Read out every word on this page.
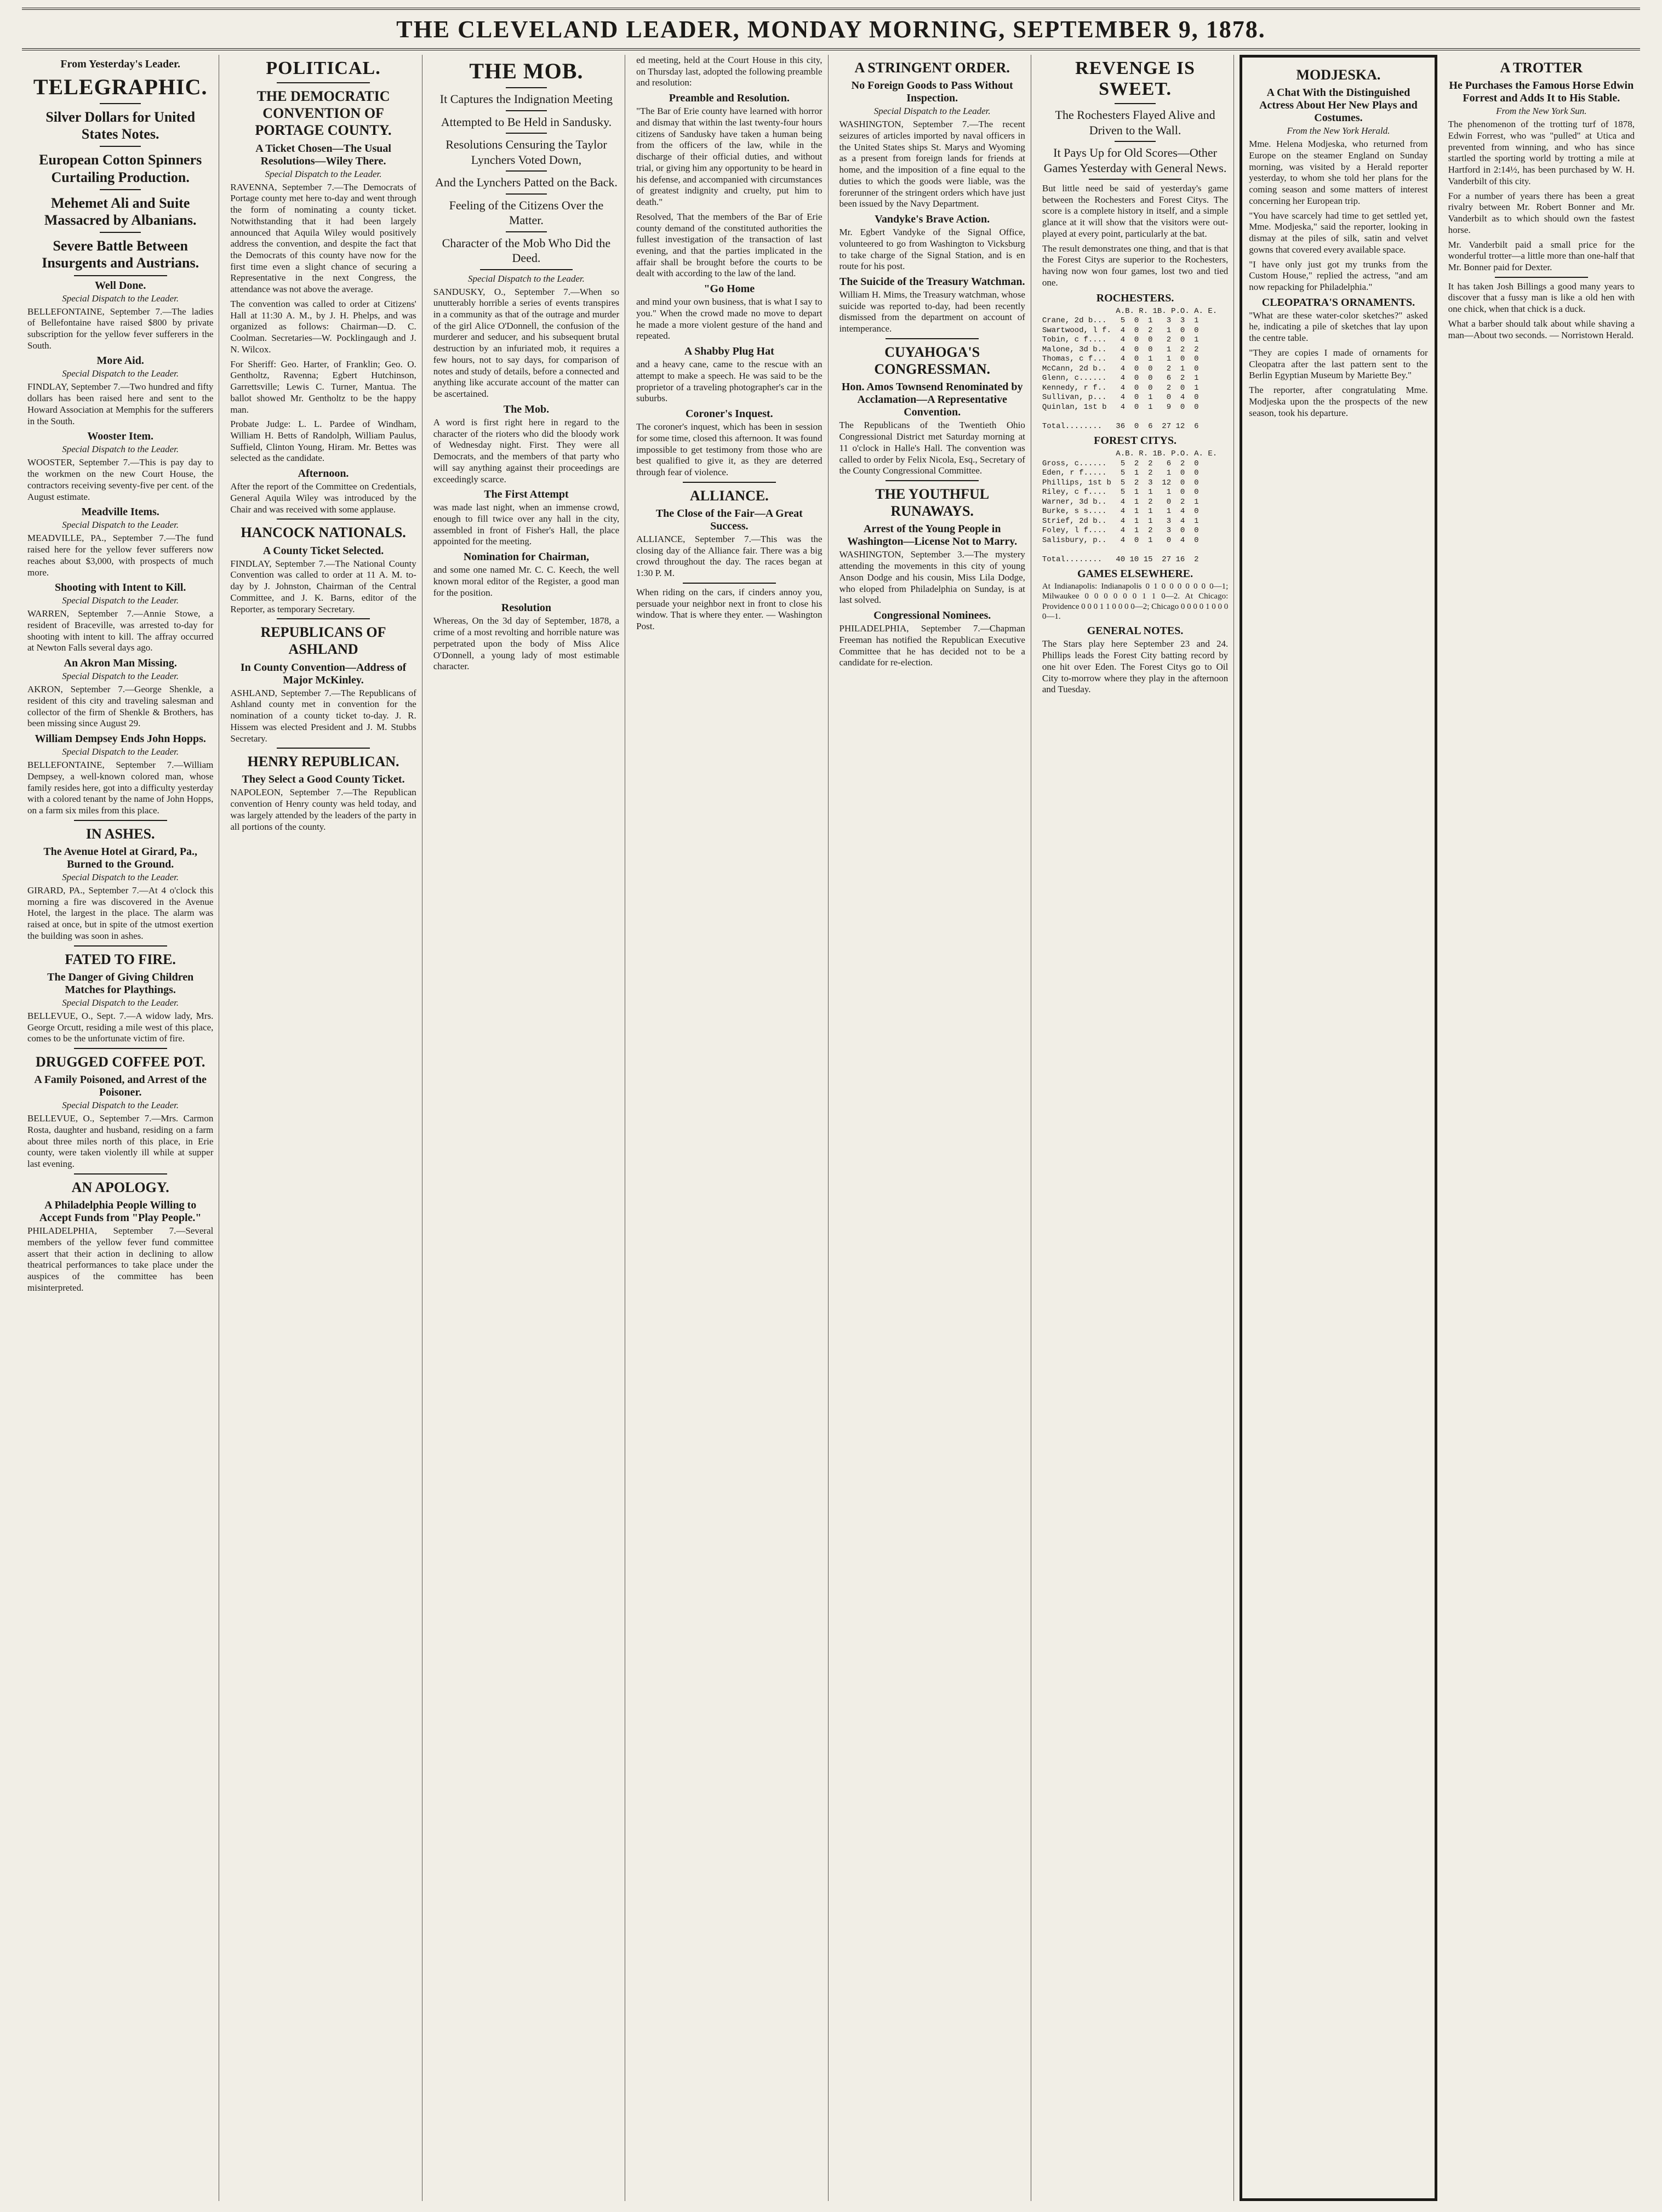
THE CLEVELAND LEADER, MONDAY MORNING, SEPTEMBER 9, 1878.
From Yesterday's Leader.
TELEGRAPHIC.
Silver Dollars for United States Notes.
European Cotton Spinners Curtailing Production.
Mehemet Ali and Suite Massacred by Albanians.
Severe Battle Between Insurgents and Austrians.
Well Done.
Special Dispatch to the Leader.

BELLEFONTAINE, September 7.—The ladies of Bellefontaine have raised $800 by private subscription for the yellow fever sufferers in the South.

More Aid.
Special Dispatch to the Leader.

FINDLAY, September 7.—Two hundred and fifty dollars has been raised here and sent to the Howard Association at Memphis for the sufferers in the South.

Wooster Item.
Special Dispatch to the Leader.

WOOSTER, September 7.—This is pay day to the workmen on the new Court House, the contractors receiving seventy-five per cent. of the August estimate.

Meadville Items.
Special Dispatch to the Leader.

MEADVILLE, PA., September 7.—The fund raised here for the yellow fever sufferers now reaches about $3,000, with prospects of much more.

Shooting with Intent to Kill.
Special Dispatch to the Leader.

WARREN, September 7.—Annie Stowe, a resident of Braceville, was arrested to-day for shooting with intent to kill. The affray occurred at Newton Falls several days ago.

An Akron Man Missing.
Special Dispatch to the Leader.

AKRON, September 7.—George Shenkle, a resident of this city and traveling salesman and collector of the firm of Shenkle & Brothers, has been missing since August 29.

William Dempsey Ends John Hopps.
Special Dispatch to the Leader.

BELLEFONTAINE, September 7.—William Dempsey, a well-known colored man, whose family resides here, got into a difficulty yesterday with a colored tenant by the name of John Hopps, on a farm six miles from this place.

IN ASHES.
The Avenue Hotel at Girard, Pa., Burned to the Ground.
Special Dispatch to the Leader.

GIRARD, PA., September 7.—At 4 o'clock this morning a fire was discovered in the Avenue Hotel, the largest in the place. The alarm was raised at once, but in spite of the utmost exertion the building was soon in ashes.

FATED TO FIRE.
The Danger of Giving Children Matches for Playthings.
Special Dispatch to the Leader.

BELLEVUE, O., Sept. 7.—A widow lady, Mrs. George Orcutt, residing a mile west of this place, comes to be the unfortunate victim of fire.

DRUGGED COFFEE POT.
A Family Poisoned, and Arrest of the Poisoner.
Special Dispatch to the Leader.

BELLEVUE, O., September 7.—Mrs. Carmon Rosta, daughter and husband, residing on a farm about three miles north of this place, in Erie county, were taken violently ill while at supper last evening.

AN APOLOGY.
A Philadelphia People Willing to Accept Funds from "Play People."

PHILADELPHIA, September 7.—Several members of the yellow fever fund committee assert that their action in declining to allow theatrical performances to take place under the auspices of the committee has been misinterpreted.

POLITICAL.
THE DEMOCRATIC CONVENTION OF PORTAGE COUNTY.
A Ticket Chosen—The Usual Resolutions—Wiley There.
Special Dispatch to the Leader.

RAVENNA, September 7.—The Democrats of Portage county met here to-day and went through the form of nominating a county ticket. Notwithstanding that it had been largely announced that Aquila Wiley would positively address the convention, and despite the fact that the Democrats of this county have now for the first time even a slight chance of securing a Representative in the next Congress, the attendance was not above the average.

The convention was called to order at Citizens' Hall at 11:30 A. M., by J. H. Phelps, and was organized as follows: Chairman—D. C. Coolman. Secretaries—W. Pocklingaugh and J. N. Wilcox.

For Sheriff: Geo. Harter, of Franklin; Geo. O. Gentholtz, Ravenna; Egbert Hutchinson, Garrettsville; Lewis C. Turner, Mantua. The ballot showed Mr. Gentholtz to be the happy man.

Probate Judge: L. L. Pardee of Windham, William H. Betts of Randolph, William Paulus, Suffield, Clinton Young, Hiram. Mr. Bettes was selected as the candidate.

Afternoon.

After the report of the Committee on Credentials, General Aquila Wiley was introduced by the Chair and was received with some applause.

HANCOCK NATIONALS.
A County Ticket Selected.

FINDLAY, September 7.—The National County Convention was called to order at 11 A. M. to-day by J. Johnston, Chairman of the Central Committee, and J. K. Barns, editor of the Reporter, as temporary Secretary.

REPUBLICANS OF ASHLAND
In County Convention—Address of Major McKinley.

ASHLAND, September 7.—The Republicans of Ashland county met in convention for the nomination of a county ticket to-day. J. R. Hissem was elected President and J. M. Stubbs Secretary.

HENRY REPUBLICAN.
They Select a Good County Ticket.

NAPOLEON, September 7.—The Republican convention of Henry county was held today, and was largely attended by the leaders of the party in all portions of the county.

THE MOB.
It Captures the Indignation Meeting
Attempted to Be Held in Sandusky.
Resolutions Censuring the Taylor Lynchers Voted Down,
And the Lynchers Patted on the Back.
Feeling of the Citizens Over the Matter.
Character of the Mob Who Did the Deed.
Special Dispatch to the Leader.

SANDUSKY, O., September 7.—When so unutterably horrible a series of events transpires in a community as that of the outrage and murder of the girl Alice O'Donnell, the confusion of the murderer and seducer, and his subsequent brutal destruction by an infuriated mob, it requires a few hours, not to say days, for comparison of notes and study of details, before a connected and anything like accurate account of the matter can be ascertained.

The Mob.

A word is first right here in regard to the character of the rioters who did the bloody work of Wednesday night. First. They were all Democrats, and the members of that party who will say anything against their proceedings are exceedingly scarce.

The First Attempt

was made last night, when an immense crowd, enough to fill twice over any hall in the city, assembled in front of Fisher's Hall, the place appointed for the meeting.

Nomination for Chairman,

and some one named Mr. C. C. Keech, the well known moral editor of the Register, a good man for the position.

Resolution

Whereas, On the 3d day of September, 1878, a crime of a most revolting and horrible nature was perpetrated upon the body of Miss Alice O'Donnell, a young lady of most estimable character.

ed meeting, held at the Court House in this city, on Thursday last, adopted the following preamble and resolution:

Preamble and Resolution.

"The Bar of Erie county have learned with horror and dismay that within the last twenty-four hours citizens of Sandusky have taken a human being from the officers of the law, while in the discharge of their official duties, and without trial, or giving him any opportunity to be heard in his defense, and accompanied with circumstances of greatest indignity and cruelty, put him to death."

Resolved, That the members of the Bar of Erie county demand of the constituted authorities the fullest investigation of the transaction of last evening, and that the parties implicated in the affair shall be brought before the courts to be dealt with according to the law of the land.

"Go Home

and mind your own business, that is what I say to you." When the crowd made no move to depart he made a more violent gesture of the hand and repeated.

A Shabby Plug Hat

and a heavy cane, came to the rescue with an attempt to make a speech. He was said to be the proprietor of a traveling photographer's car in the suburbs.

Coroner's Inquest.

The coroner's inquest, which has been in session for some time, closed this afternoon. It was found impossible to get testimony from those who are best qualified to give it, as they are deterred through fear of violence.

ALLIANCE.
The Close of the Fair—A Great Success.

ALLIANCE, September 7.—This was the closing day of the Alliance fair. There was a big crowd throughout the day. The races began at 1:30 P. M.

When riding on the cars, if cinders annoy you, persuade your neighbor next in front to close his window. That is where they enter. — Washington Post.

A STRINGENT ORDER.
No Foreign Goods to Pass Without Inspection.
Special Dispatch to the Leader.

WASHINGTON, September 7.—The recent seizures of articles imported by naval officers in the United States ships St. Marys and Wyoming as a present from foreign lands for friends at home, and the imposition of a fine equal to the duties to which the goods were liable, was the forerunner of the stringent orders which have just been issued by the Navy Department.

Vandyke's Brave Action.

Mr. Egbert Vandyke of the Signal Office, volunteered to go from Washington to Vicksburg to take charge of the Signal Station, and is en route for his post.

The Suicide of the Treasury Watchman.

William H. Mims, the Treasury watchman, whose suicide was reported to-day, had been recently dismissed from the department on account of intemperance.

CUYAHOGA'S CONGRESSMAN.
Hon. Amos Townsend Renominated by Acclamation—A Representative Convention.

The Republicans of the Twentieth Ohio Congressional District met Saturday morning at 11 o'clock in Halle's Hall. The convention was called to order by Felix Nicola, Esq., Secretary of the County Congressional Committee.

THE YOUTHFUL RUNAWAYS.
Arrest of the Young People in Washington—License Not to Marry.

WASHINGTON, September 3.—The mystery attending the movements in this city of young Anson Dodge and his cousin, Miss Lila Dodge, who eloped from Philadelphia on Sunday, is at last solved.

Congressional Nominees.

PHILADELPHIA, September 7.—Chapman Freeman has notified the Republican Executive Committee that he has decided not to be a candidate for re-election.

REVENGE IS SWEET.
The Rochesters Flayed Alive and Driven to the Wall.
It Pays Up for Old Scores—Other Games Yesterday with General News.

But little need be said of yesterday's game between the Rochesters and Forest Citys. The score is a complete history in itself, and a simple glance at it will show that the visitors were out-played at every point, particularly at the bat.

The result demonstrates one thing, and that is that the Forest Citys are superior to the Rochesters, having now won four games, lost two and tied one.

ROCHESTERS.
A.B. R. 1B. P.O. A. E.
Crane, 2d b...   5  0  1   3  3  1
Swartwood, l f.  4  0  2   1  0  0
Tobin, c f....   4  0  0   2  0  1
Malone, 3d b..   4  0  0   1  2  2
Thomas, c f...   4  0  1   1  0  0
McCann, 2d b..   4  0  0   2  1  0
Glenn, c......   4  0  0   6  2  1
Kennedy, r f..   4  0  0   2  0  1
Sullivan, p...   4  0  1   0  4  0
Quinlan, 1st b   4  0  1   9  0  0

Total........   36  0  6  27 12  6
FOREST CITYS.
A.B. R. 1B. P.O. A. E.
Gross, c......   5  2  2   6  2  0
Eden, r f.....   5  1  2   1  0  0
Phillips, 1st b  5  2  3  12  0  0
Riley, c f....   5  1  1   1  0  0
Warner, 3d b..   4  1  2   0  2  1
Burke, s s....   4  1  1   1  4  0
Strief, 2d b..   4  1  1   3  4  1
Foley, l f....   4  1  2   3  0  0
Salisbury, p..   4  0  1   0  4  0

Total........   40 10 15  27 16  2
GAMES ELSEWHERE.

At Indianapolis: Indianapolis 0 1 0 0 0 0 0 0 0—1; Milwaukee 0 0 0 0 0 0 1 1 0—2. At Chicago: Providence 0 0 0 1 1 0 0 0 0—2; Chicago 0 0 0 0 1 0 0 0 0—1.

GENERAL NOTES.

The Stars play here September 23 and 24. Phillips leads the Forest City batting record by one hit over Eden. The Forest Citys go to Oil City to-morrow where they play in the afternoon and Tuesday.

MODJESKA.
A Chat With the Distinguished Actress About Her New Plays and Costumes.
From the New York Herald.

Mme. Helena Modjeska, who returned from Europe on the steamer England on Sunday morning, was visited by a Herald reporter yesterday, to whom she told her plans for the coming season and some matters of interest concerning her European trip.

"You have scarcely had time to get settled yet, Mme. Modjeska," said the reporter, looking in dismay at the piles of silk, satin and velvet gowns that covered every available space.

"I have only just got my trunks from the Custom House," replied the actress, "and am now repacking for Philadelphia."

CLEOPATRA'S ORNAMENTS.

"What are these water-color sketches?" asked he, indicating a pile of sketches that lay upon the centre table.

"They are copies I made of ornaments for Cleopatra after the last pattern sent to the Berlin Egyptian Museum by Mariette Bey."

The reporter, after congratulating Mme. Modjeska upon the the prospects of the new season, took his departure.

A TROTTER
He Purchases the Famous Horse Edwin Forrest and Adds It to His Stable.
From the New York Sun.

The phenomenon of the trotting turf of 1878, Edwin Forrest, who was "pulled" at Utica and prevented from winning, and who has since startled the sporting world by trotting a mile at Hartford in 2:14½, has been purchased by W. H. Vanderbilt of this city.

For a number of years there has been a great rivalry between Mr. Robert Bonner and Mr. Vanderbilt as to which should own the fastest horse.

Mr. Vanderbilt paid a small price for the wonderful trotter—a little more than one-half that Mr. Bonner paid for Dexter.

It has taken Josh Billings a good many years to discover that a fussy man is like a old hen with one chick, when that chick is a duck.

What a barber should talk about while shaving a man—About two seconds. — Norristown Herald.
